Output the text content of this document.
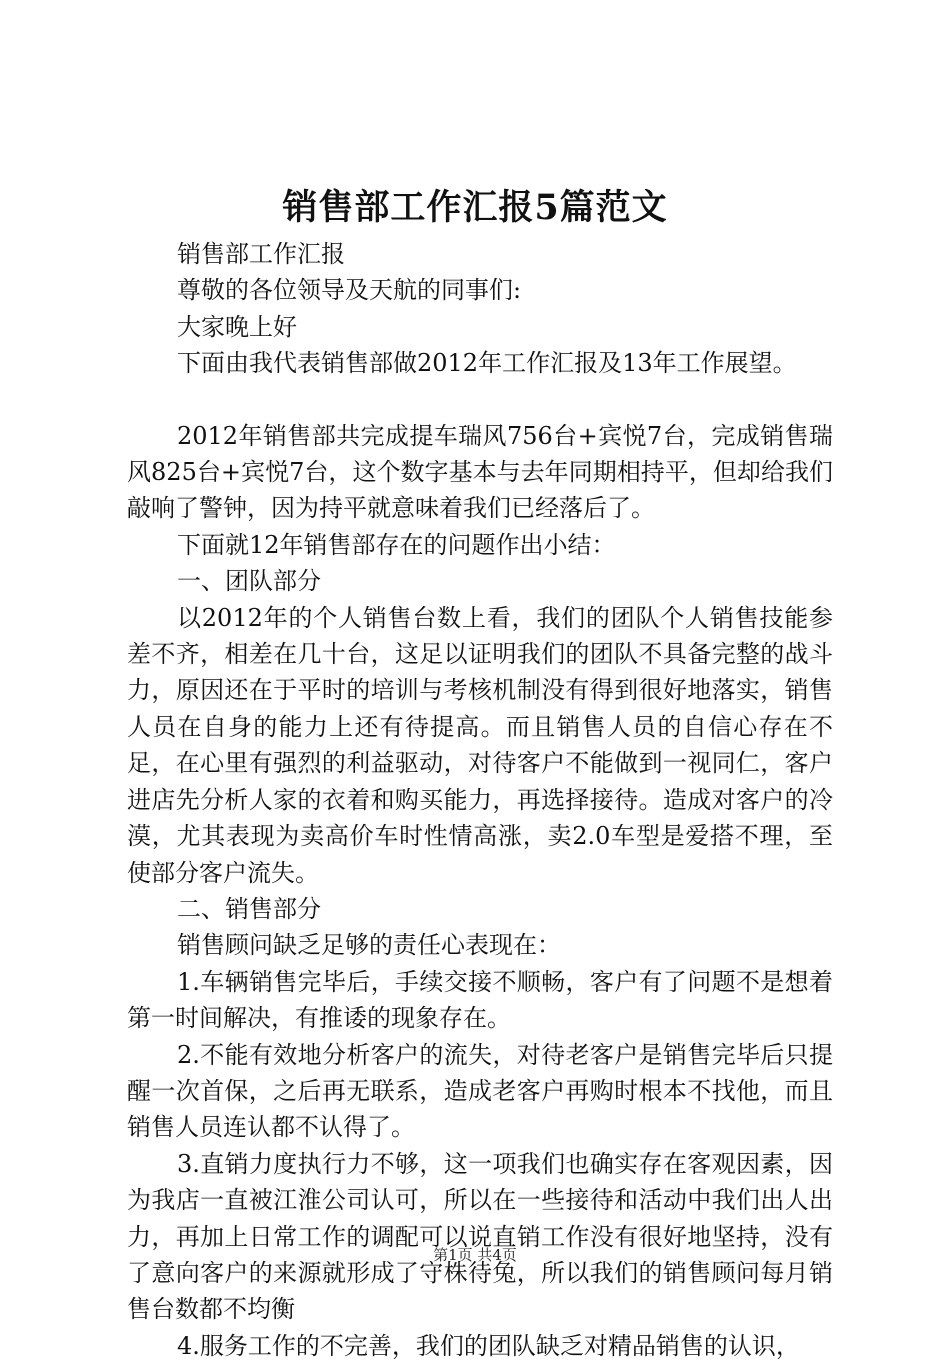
销售部工作汇报5篇范文

销售部工作汇报

尊敬的各位领导及天航的同事们:

大家晚上好

下面由我代表销售部做2012年工作汇报及13年工作展望。

2012年销售部共完成提车瑞风756台+宾悦7台，完成销售瑞风825台+宾悦7台，这个数字基本与去年同期相持平，但却给我们敲响了警钟，因为持平就意味着我们已经落后了。

下面就12年销售部存在的问题作出小结：

一、团队部分

以2012年的个人销售台数上看，我们的团队个人销售技能参差不齐，相差在几十台，这足以证明我们的团队不具备完整的战斗力，原因还在于平时的培训与考核机制没有得到很好地落实，销售人员在自身的能力上还有待提高。而且销售人员的自信心存在不足，在心里有强烈的利益驱动，对待客户不能做到一视同仁，客户进店先分析人家的衣着和购买能力，再选择接待。造成对客户的冷漠，尤其表现为卖高价车时性情高涨，卖2.0车型是爱搭不理，至使部分客户流失。

二、销售部分

销售顾问缺乏足够的责任心表现在：

1.车辆销售完毕后，手续交接不顺畅，客户有了问题不是想着第一时间解决，有推诿的现象存在。

2.不能有效地分析客户的流失，对待老客户是销售完毕后只提醒一次首保，之后再无联系，造成老客户再购时根本不找他，而且销售人员连认都不认得了。

3.直销力度执行力不够，这一项我们也确实存在客观因素，因为我店一直被江淮公司认可，所以在一些接待和活动中我们出人出力，再加上日常工作的调配可以说直销工作没有很好地坚持，没有了意向客户的来源就形成了守株待兔，所以我们的销售顾问每月销售台数都不均衡

4.服务工作的不完善，我们的团队缺乏对精品销售的认识，

第1页 共4页
